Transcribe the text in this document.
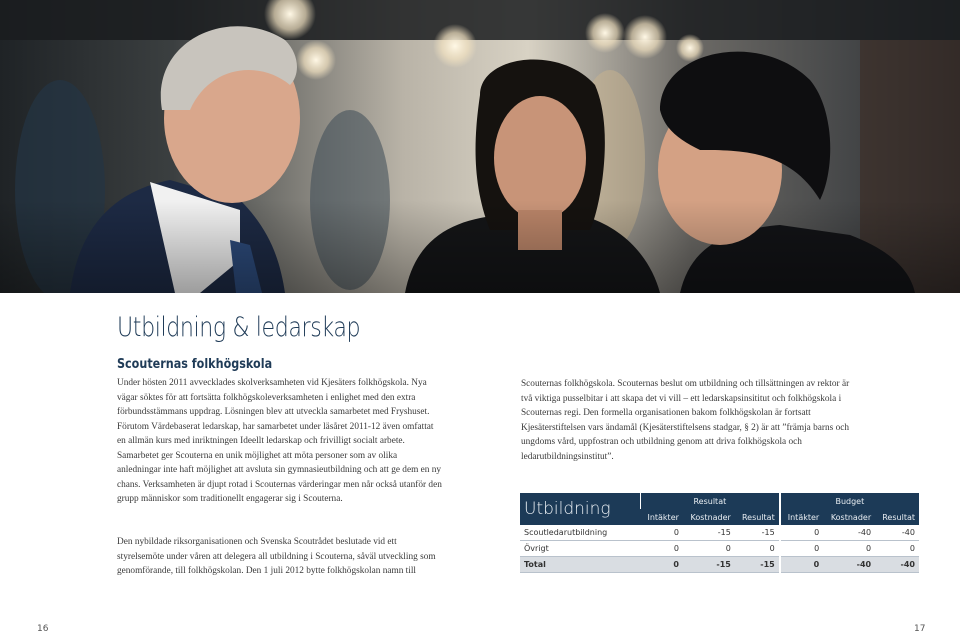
Utbildning & ledarskap
Scouternas folkhögskola

Under hösten 2011 avvecklades skolverksamheten vid Kjesäters folkhögskola. Nya vägar söktes för att fortsätta folkhögskoleverksamheten i enlighet med den extra förbundsstämmans uppdrag. Lösningen blev att utveckla samarbetet med Fryshuset. Förutom Värdebaserat ledarskap, har samarbetet under läsåret 2011-12 även omfattat en allmän kurs med inriktningen Ideellt ledarskap och frivilligt socialt arbete. Samarbetet ger Scouterna en unik möjlighet att möta personer som av olika anledningar inte haft möjlighet att avsluta sin gymnasieutbildning och att ge dem en ny chans. Verksamheten är djupt rotad i Scouternas värderingar men når också utanför den grupp människor som traditionellt engagerar sig i Scouterna.

Den nybildade riksorganisationen och Svenska Scoutrådet beslutade vid ett styrelsemöte under våren att delegera all utbildning i Scouterna, såväl utveckling som genomförande, till folkhögskolan. Den 1 juli 2012 bytte folkhögskolan namn till

Scouternas folkhögskola. Scouternas beslut om utbildning och tillsättningen av rektor är två viktiga pusselbitar i att skapa det vi vill – ett ledarskapsinsititut och folkhögskola i Scouternas regi. Den formella organisationen bakom folkhögskolan är fortsatt Kjesäterstiftelsen vars ändamål (Kjesäterstiftelsens stadgar, § 2) är att ”främja barns och ungdoms vård, uppfostran och utbildning genom att driva folkhögskola och ledarutbildningsinstitut”.

Utbildning	Resultat			Budget		
	Intäkter	Kostnader	Resultat	Intäkter	Kostnader	Resultat
Scoutledarutbildning	0	-15	-15	0	-40	-40
Övrigt	0	0	0	0	0	0
Total	0	-15	-15	0	-40	-40
16	17
